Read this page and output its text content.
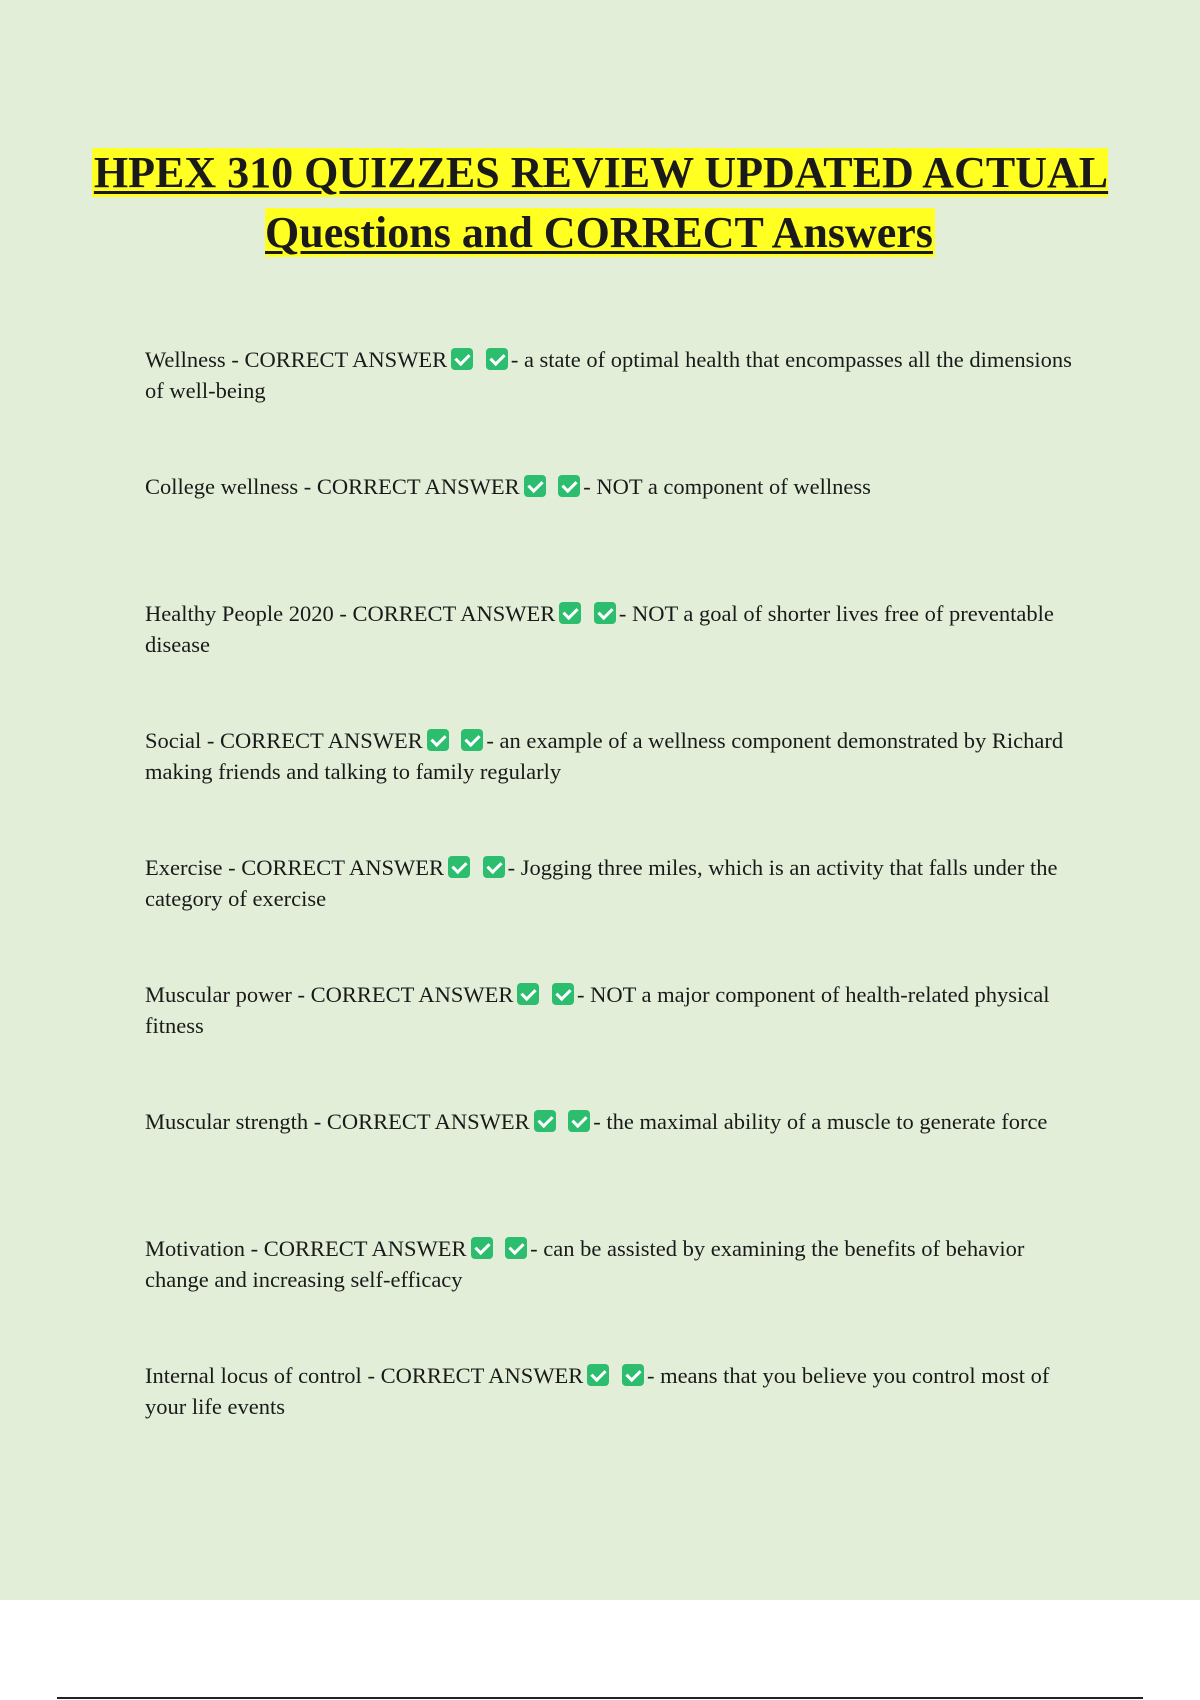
HPEX 310 QUIZZES REVIEW UPDATED ACTUAL Questions and CORRECT Answers
Wellness - CORRECT ANSWER	- a state of optimal health that encompasses all the dimensions of well-being
College wellness - CORRECT ANSWER	- NOT a component of wellness
Healthy People 2020 - CORRECT ANSWER	- NOT a goal of shorter lives free of preventable disease
Social - CORRECT ANSWER	- an example of a wellness component demonstrated by Richard making friends and talking to family regularly
Exercise - CORRECT ANSWER	- Jogging three miles, which is an activity that falls under the category of exercise
Muscular power - CORRECT ANSWER	- NOT a major component of health-related physical fitness
Muscular strength - CORRECT ANSWER	- the maximal ability of a muscle to generate force
Motivation - CORRECT ANSWER	- can be assisted by examining the benefits of behavior change and increasing self-efficacy
Internal locus of control - CORRECT ANSWER	- means that you believe you control most of your life events
